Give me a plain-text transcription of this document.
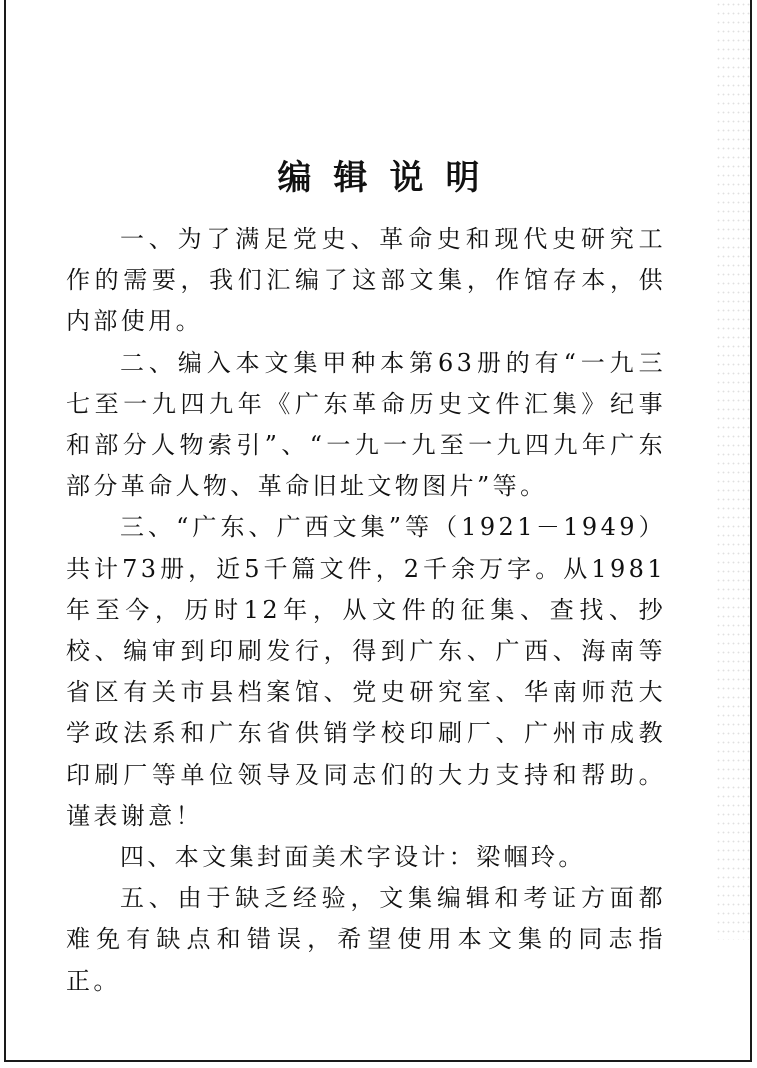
编辑说明

一、为了满足党史、革命史和现代史研究工作的需要，我们汇编了这部文集，作馆存本，供内部使用。

二、编入本文集甲种本第63册的有“一九三七至一九四九年《广东革命历史文件汇集》纪事和部分人物索引”、“一九一九至一九四九年广东部分革命人物、革命旧址文物图片”等。

三、“广东、广西文集”等（1921－1949）共计73册，近5千篇文件，2千余万字。从1981年至今，历时12年，从文件的征集、查找、抄校、编审到印刷发行，得到广东、广西、海南等省区有关市县档案馆、党史研究室、华南师范大学政法系和广东省供销学校印刷厂、广州市成教印刷厂等单位领导及同志们的大力支持和帮助。谨表谢意！

四、本文集封面美术字设计：梁帼玲。

五、由于缺乏经验，文集编辑和考证方面都难免有缺点和错误，希望使用本文集的同志指正。
